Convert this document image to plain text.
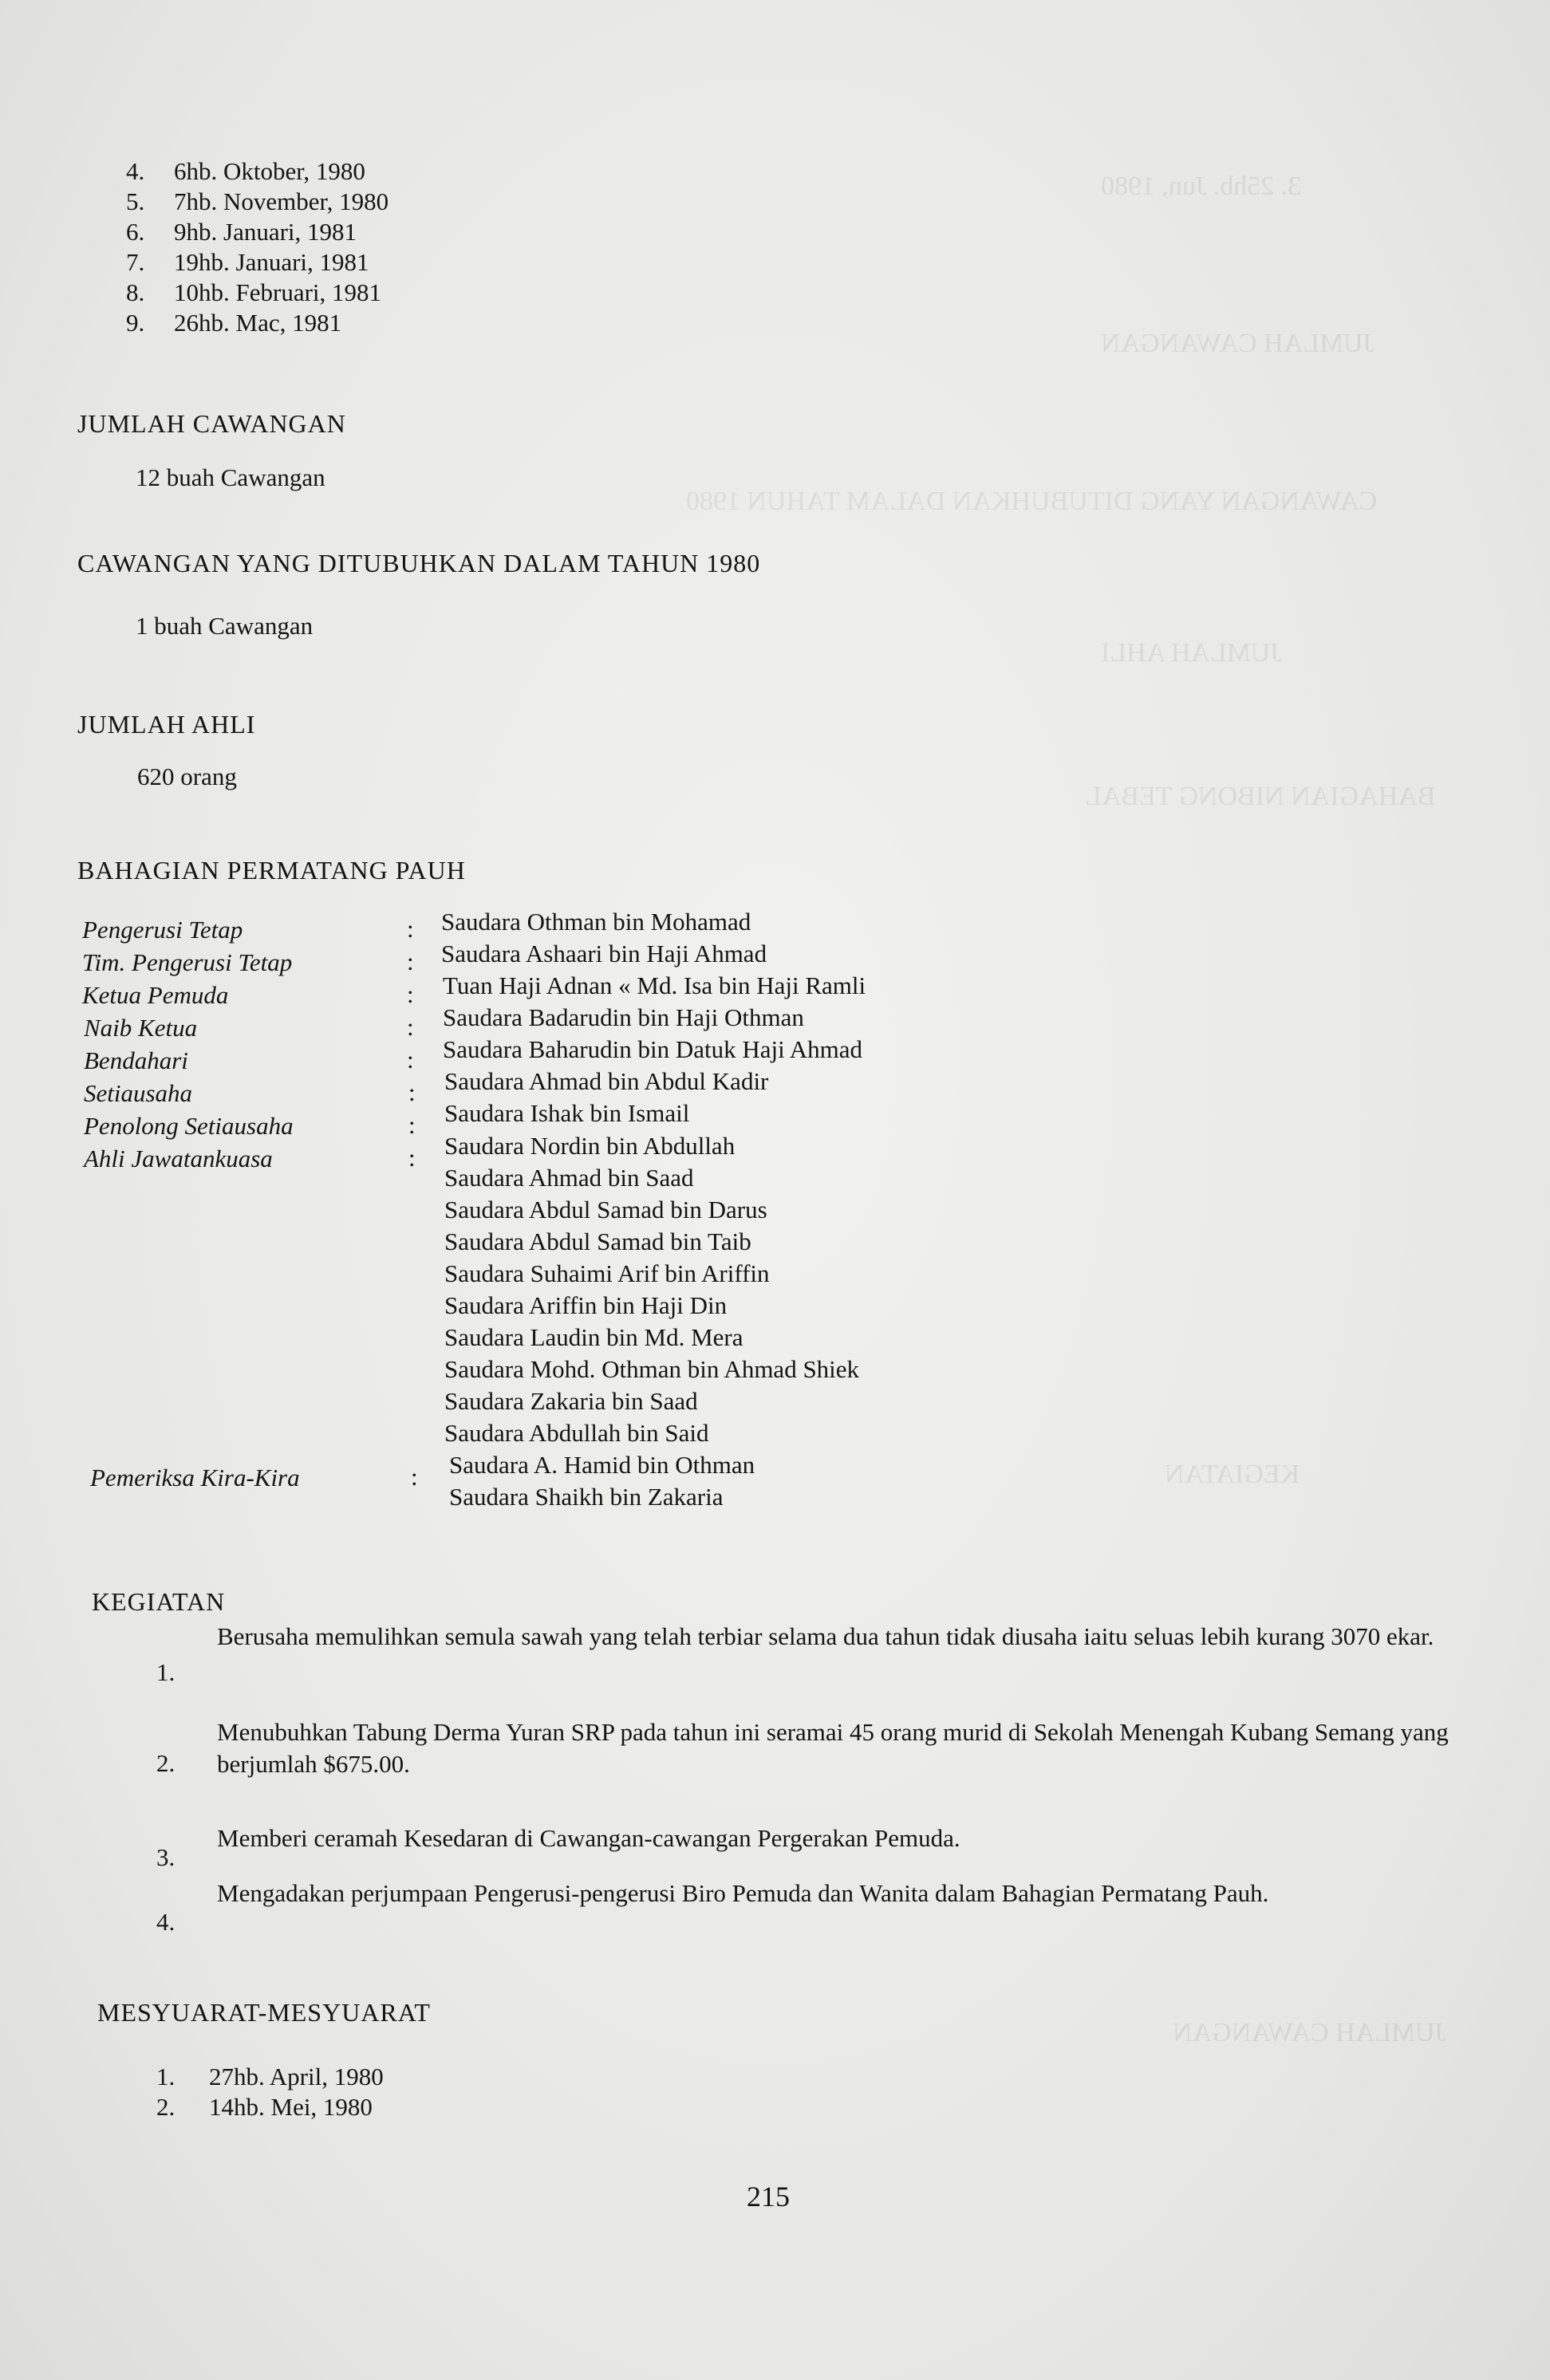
3. 25hb. Jun, 1980
JUMLAH CAWANGAN
CAWANGAN YANG DITUBUHKAN DALAM TAHUN 1980
JUMLAH AHLI
BAHAGIAN NIBONG TEBAL
KEGIATAN
JUMLAH CAWANGAN
4. 6hb. Oktober, 1980
5. 7hb. November, 1980
6. 9hb. Januari, 1981
7. 19hb. Januari, 1981
8. 10hb. Februari, 1981
9. 26hb. Mac, 1981
JUMLAH CAWANGAN
12 buah Cawangan
CAWANGAN YANG DITUBUHKAN DALAM TAHUN 1980
1 buah Cawangan
JUMLAH AHLI
620 orang
BAHAGIAN PERMATANG PAUH
Pengerusi Tetap	: Saudara Othman bin Mohamad
Tim. Pengerusi Tetap	: Saudara Ashaari bin Haji Ahmad
Ketua Pemuda	: Tuan Haji Adnan « Md. Isa bin Haji Ramli
Naib Ketua	: Saudara Badarudin bin Haji Othman
Bendahari	: Saudara Baharudin bin Datuk Haji Ahmad
Setiausaha	: Saudara Ahmad bin Abdul Kadir
Penolong Setiausaha	: Saudara Ishak bin Ismail
Ahli Jawatankuasa	: Saudara Nordin bin Abdullah
Saudara Ahmad bin Saad
Saudara Abdul Samad bin Darus
Saudara Abdul Samad bin Taib
Saudara Suhaimi Arif bin Ariffin
Saudara Ariffin bin Haji Din
Saudara Laudin bin Md. Mera
Saudara Mohd. Othman bin Ahmad Shiek
Saudara Zakaria bin Saad
Saudara Abdullah bin Said
Pemeriksa Kira-Kira	: Saudara A. Hamid bin Othman
Saudara Shaikh bin Zakaria
KEGIATAN
1.
Berusaha memulihkan semula sawah yang telah terbiar selama dua tahun tidak diusaha iaitu seluas lebih kurang 3070 ekar.
2.
Menubuhkan Tabung Derma Yuran SRP pada tahun ini seramai 45 orang murid di Sekolah Menengah Kubang Semang yang berjumlah $675.00.
3.
Memberi ceramah Kesedaran di Cawangan-cawangan Pergerakan Pemuda.
4.
Mengadakan perjumpaan Pengerusi-pengerusi Biro Pemuda dan Wanita dalam Bahagian Permatang Pauh.
MESYUARAT-MESYUARAT
1. 27hb. April, 1980
2. 14hb. Mei, 1980
215
